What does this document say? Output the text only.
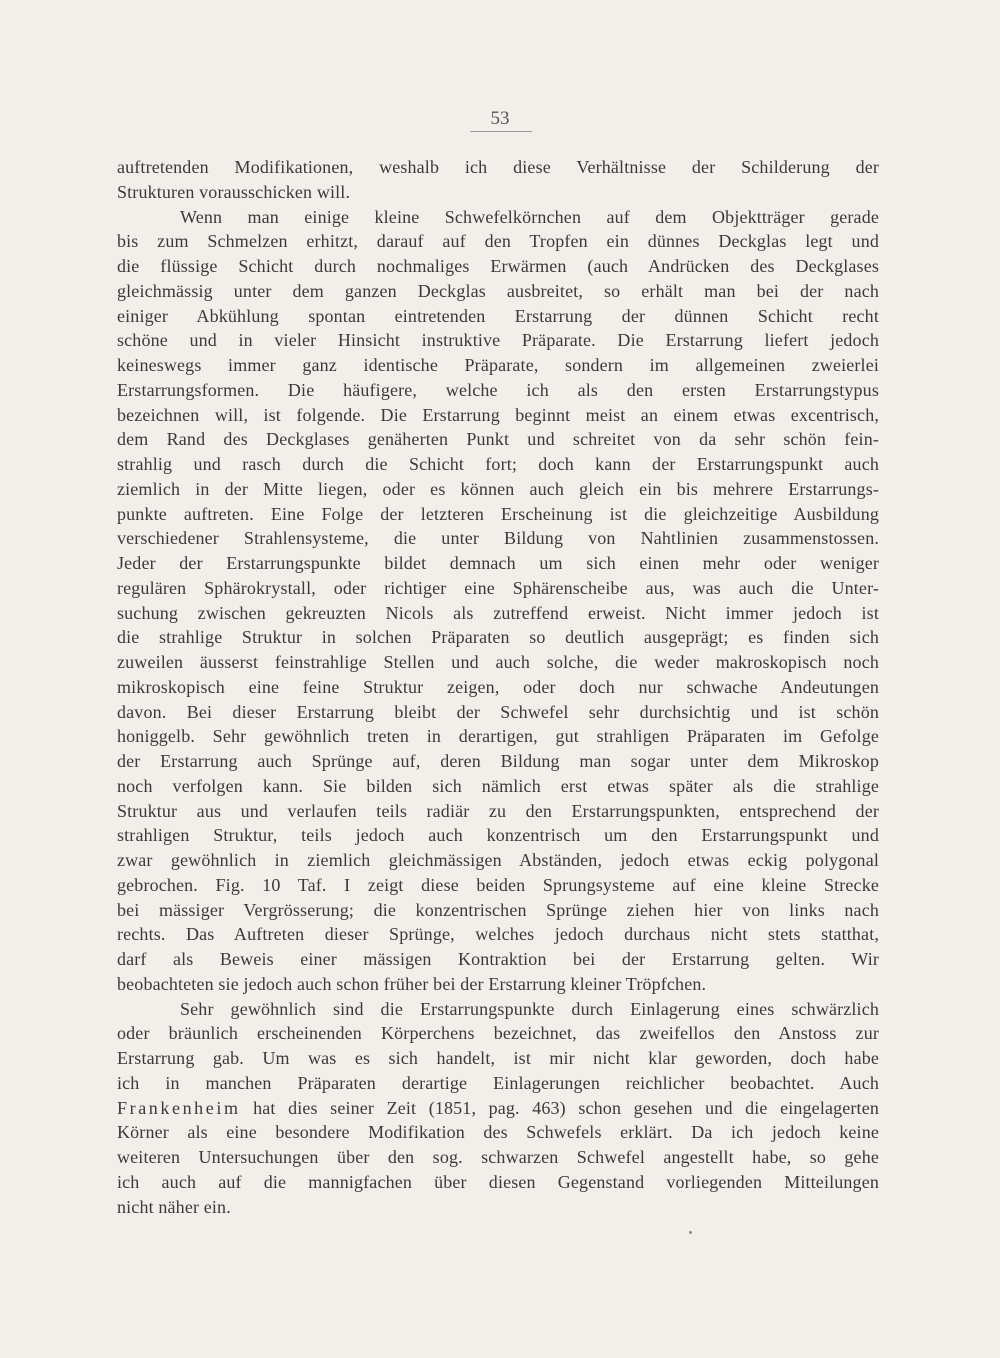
53
auftretenden Modifikationen, weshalb ich diese Verhältnisse der Schilderung der
Strukturen vorausschicken will.
Wenn man einige kleine Schwefelkörnchen auf dem Objektträger gerade
bis zum Schmelzen erhitzt, darauf auf den Tropfen ein dünnes Deckglas legt und
die flüssige Schicht durch nochmaliges Erwärmen (auch Andrücken des Deckglases
gleichmässig unter dem ganzen Deckglas ausbreitet, so erhält man bei der nach
einiger Abkühlung spontan eintretenden Erstarrung der dünnen Schicht recht
schöne und in vieler Hinsicht instruktive Präparate. Die Erstarrung liefert jedoch
keineswegs immer ganz identische Präparate, sondern im allgemeinen zweierlei
Erstarrungsformen. Die häufigere, welche ich als den ersten Erstarrungstypus
bezeichnen will, ist folgende. Die Erstarrung beginnt meist an einem etwas excentrisch,
dem Rand des Deckglases genäherten Punkt und schreitet von da sehr schön fein-
strahlig und rasch durch die Schicht fort; doch kann der Erstarrungspunkt auch
ziemlich in der Mitte liegen, oder es können auch gleich ein bis mehrere Erstarrungs-
punkte auftreten. Eine Folge der letzteren Erscheinung ist die gleichzeitige Ausbildung
verschiedener Strahlensysteme, die unter Bildung von Nahtlinien zusammenstossen.
Jeder der Erstarrungspunkte bildet demnach um sich einen mehr oder weniger
regulären Sphärokrystall, oder richtiger eine Sphärenscheibe aus, was auch die Unter-
suchung zwischen gekreuzten Nicols als zutreffend erweist. Nicht immer jedoch ist
die strahlige Struktur in solchen Präparaten so deutlich ausgeprägt; es finden sich
zuweilen äusserst feinstrahlige Stellen und auch solche, die weder makroskopisch noch
mikroskopisch eine feine Struktur zeigen, oder doch nur schwache Andeutungen
davon. Bei dieser Erstarrung bleibt der Schwefel sehr durchsichtig und ist schön
honiggelb. Sehr gewöhnlich treten in derartigen, gut strahligen Präparaten im Gefolge
der Erstarrung auch Sprünge auf, deren Bildung man sogar unter dem Mikroskop
noch verfolgen kann. Sie bilden sich nämlich erst etwas später als die strahlige
Struktur aus und verlaufen teils radiär zu den Erstarrungspunkten, entsprechend der
strahligen Struktur, teils jedoch auch konzentrisch um den Erstarrungspunkt und
zwar gewöhnlich in ziemlich gleichmässigen Abständen, jedoch etwas eckig polygonal
gebrochen. Fig. 10 Taf. I zeigt diese beiden Sprungsysteme auf eine kleine Strecke
bei mässiger Vergrösserung; die konzentrischen Sprünge ziehen hier von links nach
rechts. Das Auftreten dieser Sprünge, welches jedoch durchaus nicht stets statthat,
darf als Beweis einer mässigen Kontraktion bei der Erstarrung gelten. Wir
beobachteten sie jedoch auch schon früher bei der Erstarrung kleiner Tröpfchen.
Sehr gewöhnlich sind die Erstarrungspunkte durch Einlagerung eines schwärzlich
oder bräunlich erscheinenden Körperchens bezeichnet, das zweifellos den Anstoss zur
Erstarrung gab. Um was es sich handelt, ist mir nicht klar geworden, doch habe
ich in manchen Präparaten derartige Einlagerungen reichlicher beobachtet. Auch
Frankenheim hat dies seiner Zeit (1851, pag. 463) schon gesehen und die eingelagerten
Körner als eine besondere Modifikation des Schwefels erklärt. Da ich jedoch keine
weiteren Untersuchungen über den sog. schwarzen Schwefel angestellt habe, so gehe
ich auch auf die mannigfachen über diesen Gegenstand vorliegenden Mitteilungen
nicht näher ein.
